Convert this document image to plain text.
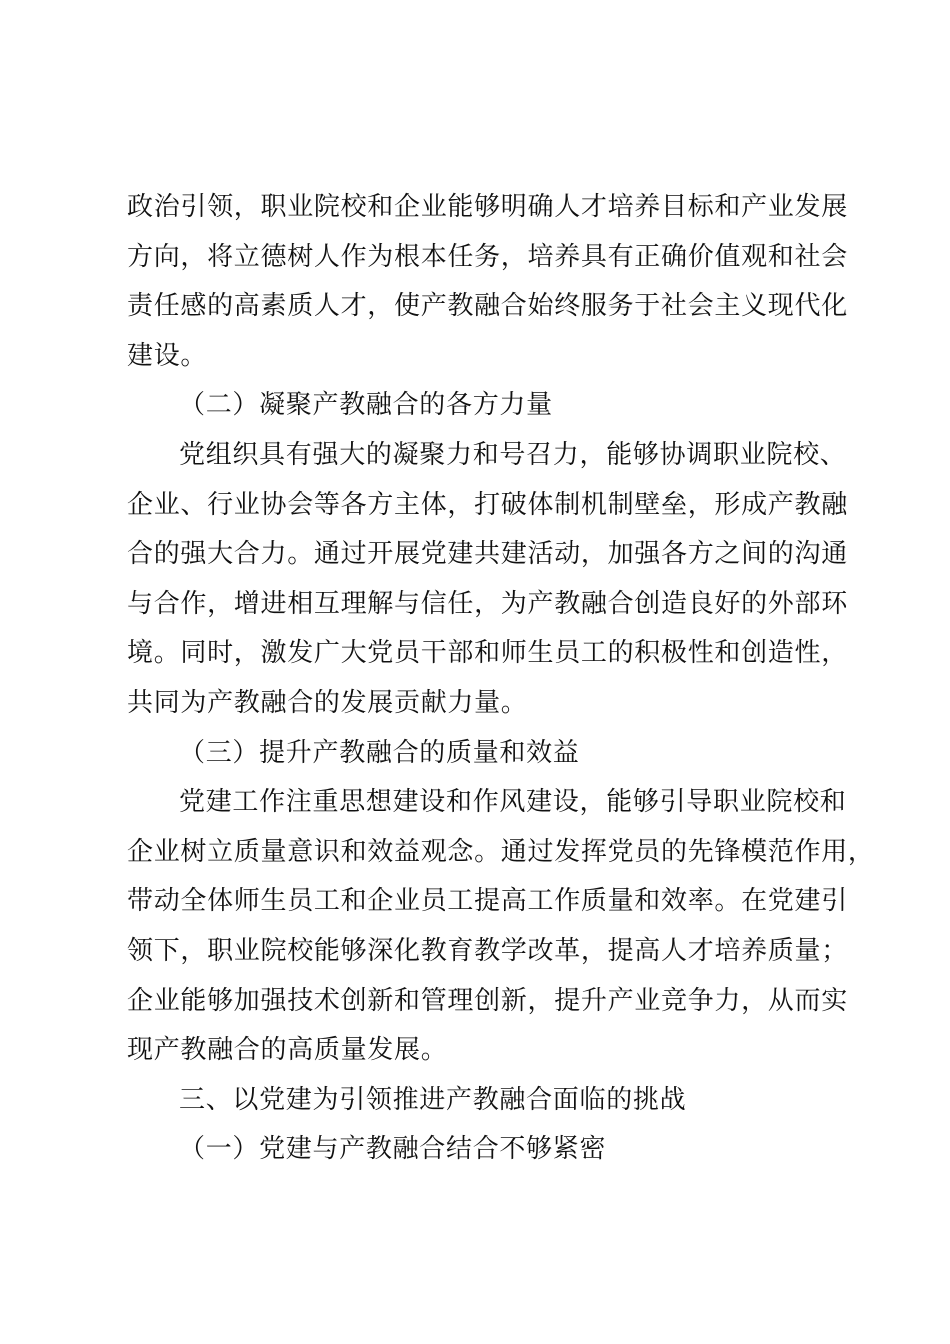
政治引领，职业院校和企业能够明确人才培养目标和产业发展
方向，将立德树人作为根本任务，培养具有正确价值观和社会
责任感的高素质人才，使产教融合始终服务于社会主义现代化
建设。
（二）凝聚产教融合的各方力量
党组织具有强大的凝聚力和号召力，能够协调职业院校、
企业、行业协会等各方主体，打破体制机制壁垒，形成产教融
合的强大合力。通过开展党建共建活动，加强各方之间的沟通
与合作，增进相互理解与信任，为产教融合创造良好的外部环
境。同时，激发广大党员干部和师生员工的积极性和创造性，
共同为产教融合的发展贡献力量。
（三）提升产教融合的质量和效益
党建工作注重思想建设和作风建设，能够引导职业院校和
企业树立质量意识和效益观念。通过发挥党员的先锋模范作用，
带动全体师生员工和企业员工提高工作质量和效率。在党建引
领下，职业院校能够深化教育教学改革，提高人才培养质量；
企业能够加强技术创新和管理创新，提升产业竞争力，从而实
现产教融合的高质量发展。
三、以党建为引领推进产教融合面临的挑战
（一）党建与产教融合结合不够紧密
